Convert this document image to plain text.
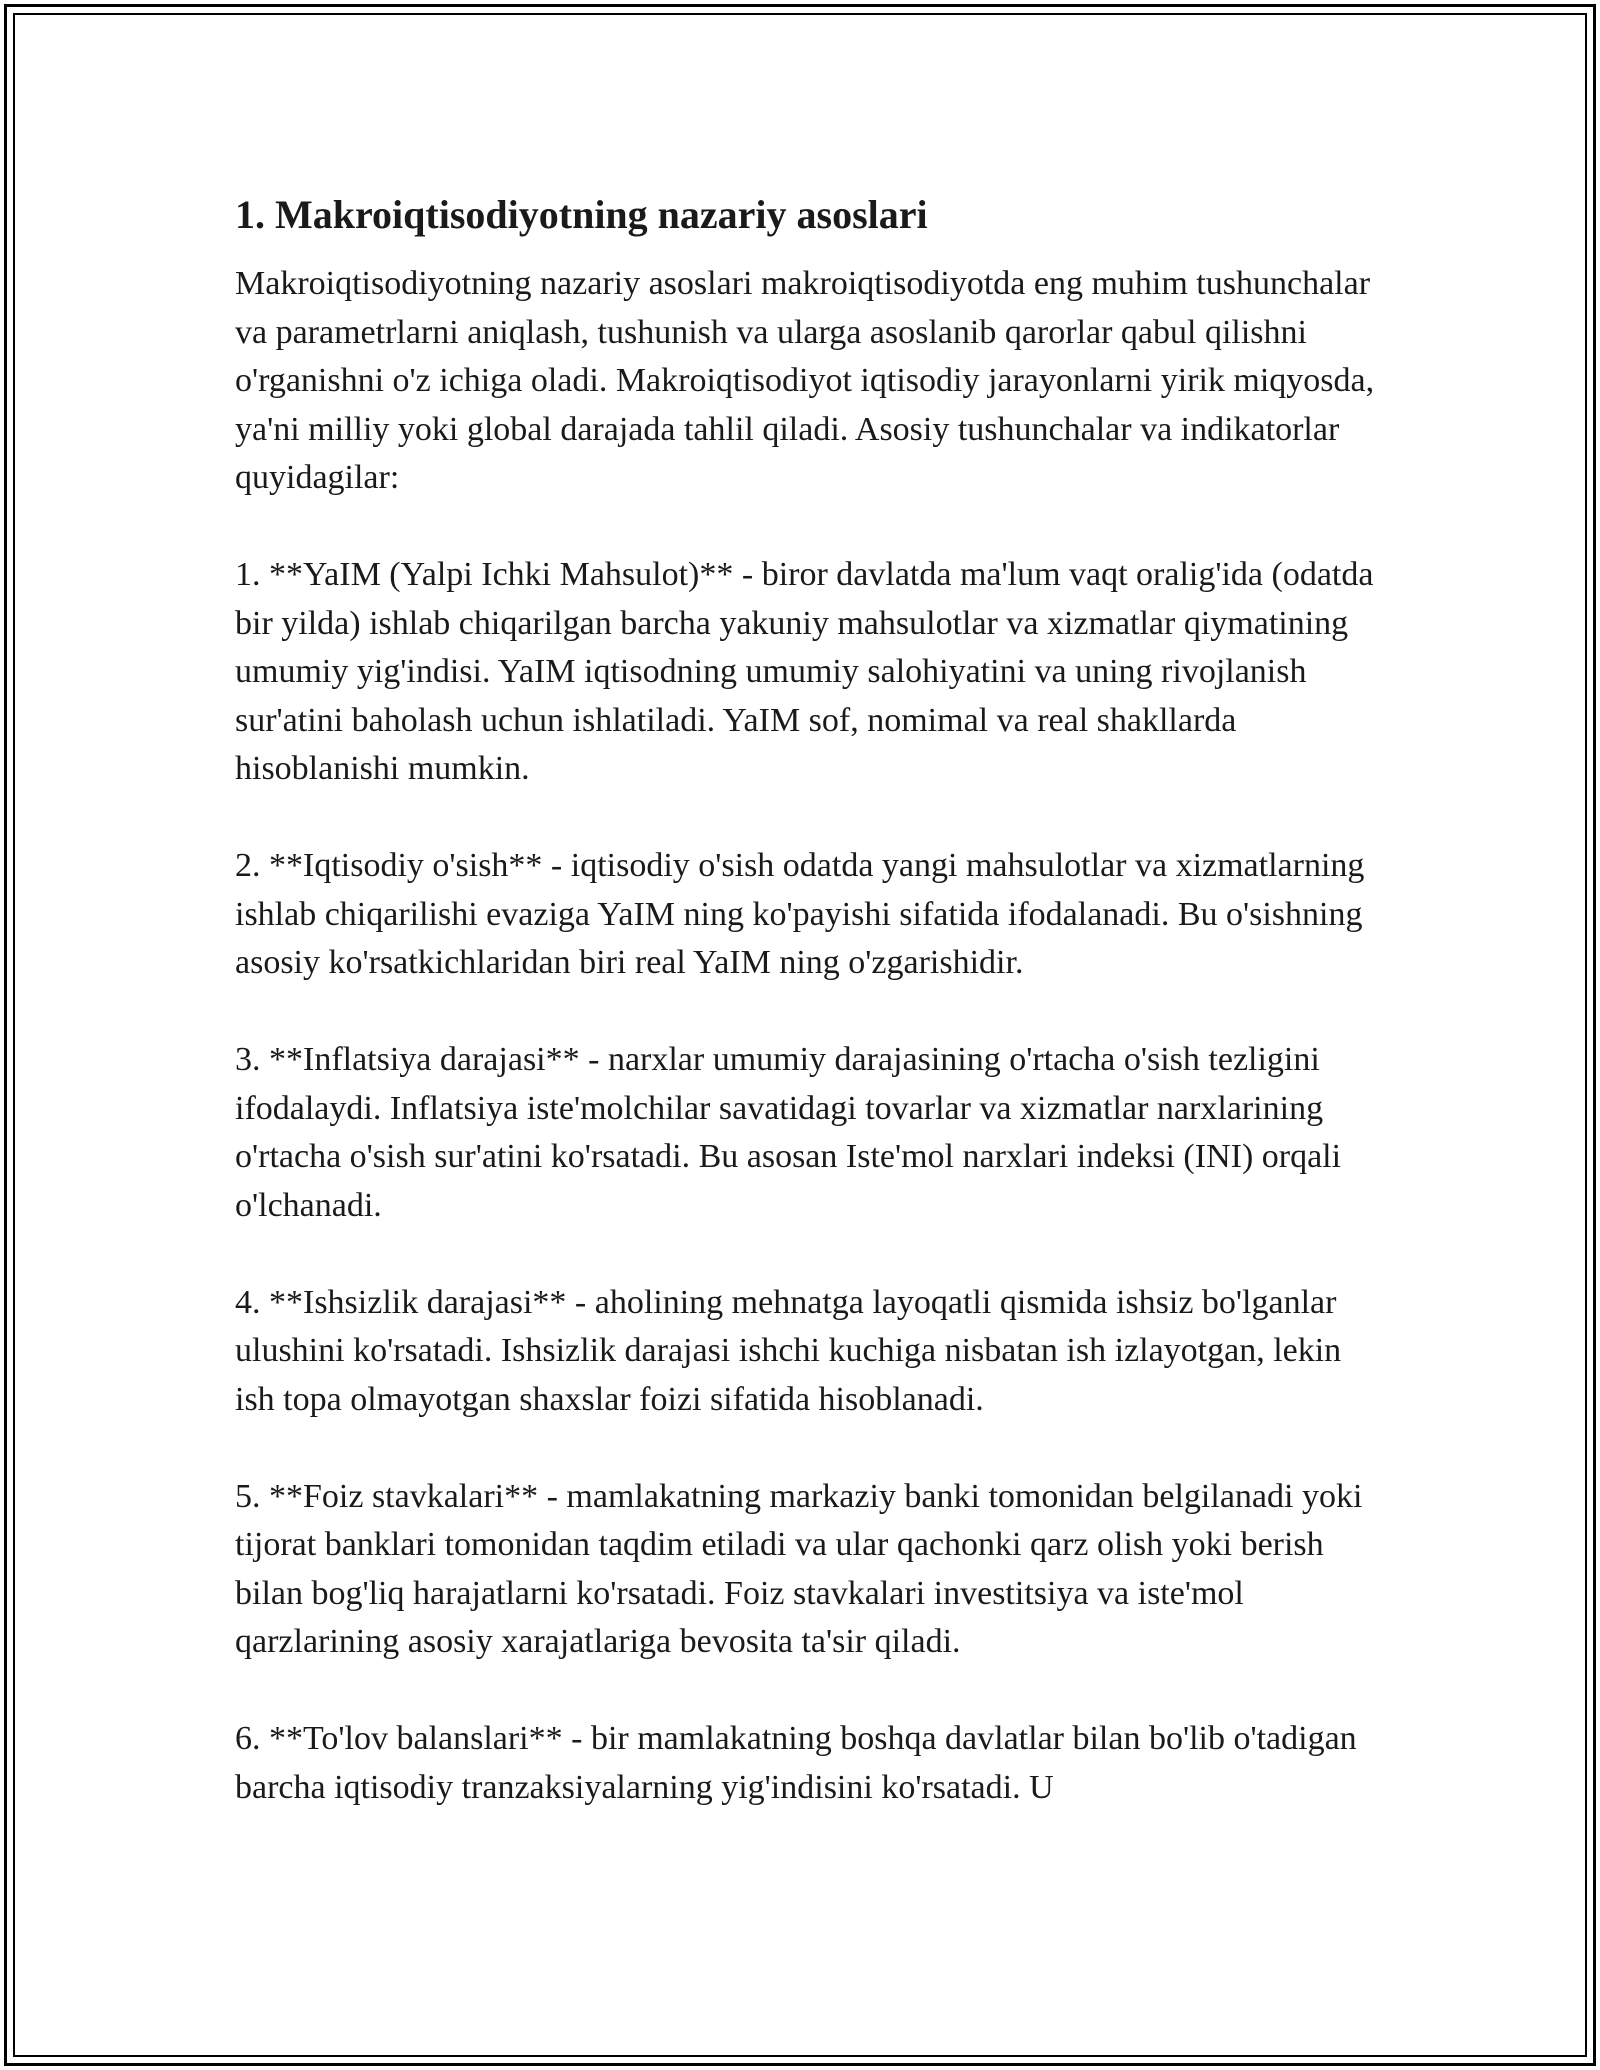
1. Makroiqtisodiyotning nazariy asoslari

Makroiqtisodiyotning nazariy asoslari makroiqtisodiyotda eng muhim tushunchalar va parametrlarni aniqlash, tushunish va ularga asoslanib qarorlar qabul qilishni o'rganishni o'z ichiga oladi. Makroiqtisodiyot iqtisodiy jarayonlarni yirik miqyosda, ya'ni milliy yoki global darajada tahlil qiladi. Asosiy tushunchalar va indikatorlar quyidagilar:

1. **YaIM (Yalpi Ichki Mahsulot)** - biror davlatda ma'lum vaqt oralig'ida (odatda bir yilda) ishlab chiqarilgan barcha yakuniy mahsulotlar va xizmatlar qiymatining umumiy yig'indisi. YaIM iqtisodning umumiy salohiyatini va uning rivojlanish sur'atini baholash uchun ishlatiladi. YaIM sof, nomimal va real shakllarda hisoblanishi mumkin.

2. **Iqtisodiy o'sish** - iqtisodiy o'sish odatda yangi mahsulotlar va xizmatlarning ishlab chiqarilishi evaziga YaIM ning ko'payishi sifatida ifodalanadi. Bu o'sishning asosiy ko'rsatkichlaridan biri real YaIM ning o'zgarishidir.

3. **Inflatsiya darajasi** - narxlar umumiy darajasining o'rtacha o'sish tezligini ifodalaydi. Inflatsiya iste'molchilar savatidagi tovarlar va xizmatlar narxlarining o'rtacha o'sish sur'atini ko'rsatadi. Bu asosan Iste'mol narxlari indeksi (INI) orqali o'lchanadi.

4. **Ishsizlik darajasi** - aholining mehnatga layoqatli qismida ishsiz bo'lganlar ulushini ko'rsatadi. Ishsizlik darajasi ishchi kuchiga nisbatan ish izlayotgan, lekin ish topa olmayotgan shaxslar foizi sifatida hisoblanadi.

5. **Foiz stavkalari** - mamlakatning markaziy banki tomonidan belgilanadi yoki tijorat banklari tomonidan taqdim etiladi va ular qachonki qarz olish yoki berish bilan bog'liq harajatlarni ko'rsatadi. Foiz stavkalari investitsiya va iste'mol qarzlarining asosiy xarajatlariga bevosita ta'sir qiladi.

6. **To'lov balanslari** - bir mamlakatning boshqa davlatlar bilan bo'lib o'tadigan barcha iqtisodiy tranzaksiyalarning yig'indisini ko'rsatadi. U
